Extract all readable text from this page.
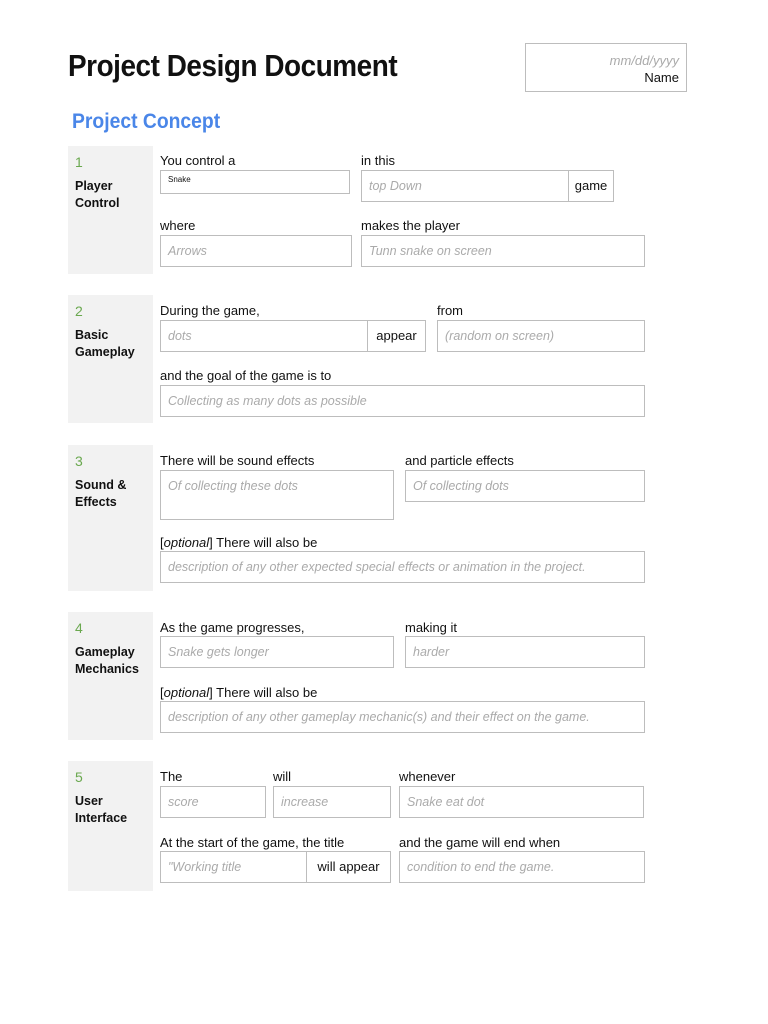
Project Design Document	mm/dd/yyyy
Name
Project Concept
1
Player Control
You control a
Snake
in this
top Down	game
where
Arrows
makes the player
Tunn snake on screen
2
Basic Gameplay
During the game,
dots	appear
from
(random on screen)
and the goal of the game is to
Collecting as many dots as possible
3
Sound & Effects
There will be sound effects
Of collecting these dots
and particle effects
Of collecting dots
[optional] There will also be
description of any other expected special effects or animation in the project.
4
Gameplay Mechanics
As the game progresses,
Snake gets longer
making it
harder
[optional] There will also be
description of any other gameplay mechanic(s) and their effect on the game.
5
User Interface
The
score
will
increase
whenever
Snake eat dot
At the start of the game, the title
"Working title	will appear
and the game will end when
condition to end the game.
